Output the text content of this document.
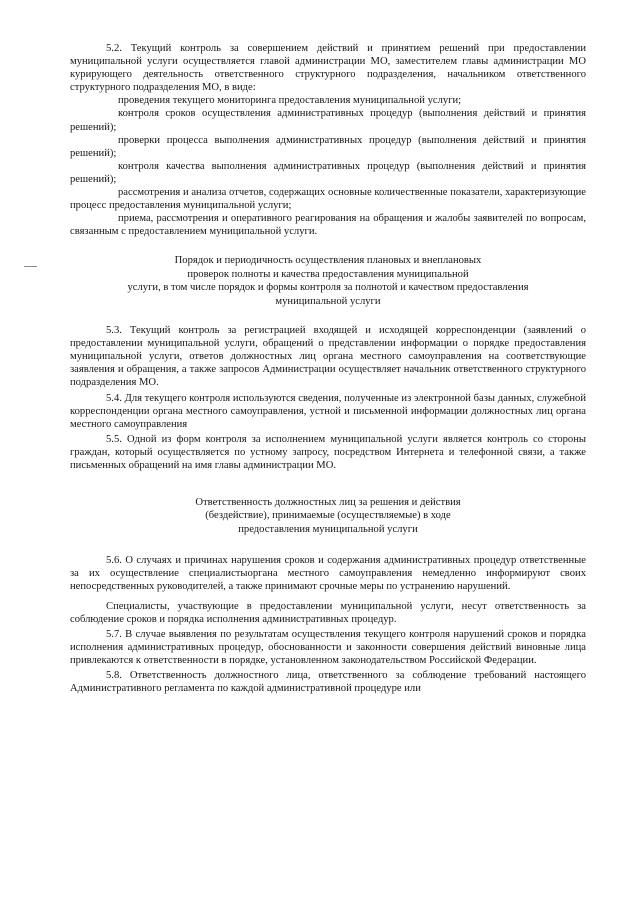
5.2. Текущий контроль за совершением действий и принятием решений при предоставлении муниципальной услуги осуществляется главой администрации МО, заместителем главы администрации МО курирующего деятельность ответственного структурного подразделения, начальником ответственного структурного подразделения МО, в виде:

проведения текущего мониторинга предоставления муниципальной услуги;

контроля сроков осуществления административных процедур (выполнения действий и принятия решений);

проверки процесса выполнения административных процедур (выполнения действий и принятия решений);

контроля качества выполнения административных процедур (выполнения действий и принятия решений);

рассмотрения и анализа отчетов, содержащих основные количественные показатели, характеризующие процесс предоставления муниципальной услуги;

приема, рассмотрения и оперативного реагирования на обращения и жалобы заявителей по вопросам, связанным с предоставлением муниципальной услуги.

Порядок и периодичность осуществления плановых и внеплановых
проверок полноты и качества предоставления муниципальной
услуги, в том числе порядок и формы контроля за полнотой и качеством предоставления
муниципальной услуги

5.3. Текущий контроль за регистрацией входящей и исходящей корреспонденции (заявлений о предоставлении муниципальной услуги, обращений о представлении информации о порядке предоставления муниципальной услуги, ответов должностных лиц органа местного самоуправления на соответствующие заявления и обращения, а также запросов Администрации осуществляет начальник ответственного структурного подразделения МО.

5.4. Для текущего контроля используются сведения, полученные из электронной базы данных, служебной корреспонденции органа местного самоуправления, устной и письменной информации должностных лиц органа местного самоуправления

5.5. Одной из форм контроля за исполнением муниципальной услуги является контроль со стороны граждан, который осуществляется по устному запросу, посредством Интернета и телефонной связи, а также письменных обращений на имя главы администрации МО.

Ответственность должностных лиц за решения и действия
(бездействие), принимаемые (осуществляемые) в ходе
предоставления муниципальной услуги

5.6. О случаях и причинах нарушения сроков и содержания административных процедур ответственные за их осуществление специалистыоргана местного самоуправления немедленно информируют своих непосредственных руководителей, а также принимают срочные меры по устранению нарушений.

Специалисты, участвующие в предоставлении муниципальной услуги, несут ответственность за соблюдение сроков и порядка исполнения административных процедур.

5.7. В случае выявления по результатам осуществления текущего контроля нарушений сроков и порядка исполнения административных процедур, обоснованности и законности совершения действий виновные лица привлекаются к ответственности в порядке, установленном законодательством Российской Федерации.

5.8. Ответственность должностного лица, ответственного за соблюдение требований настоящего Административного регламента по каждой административной процедуре или
